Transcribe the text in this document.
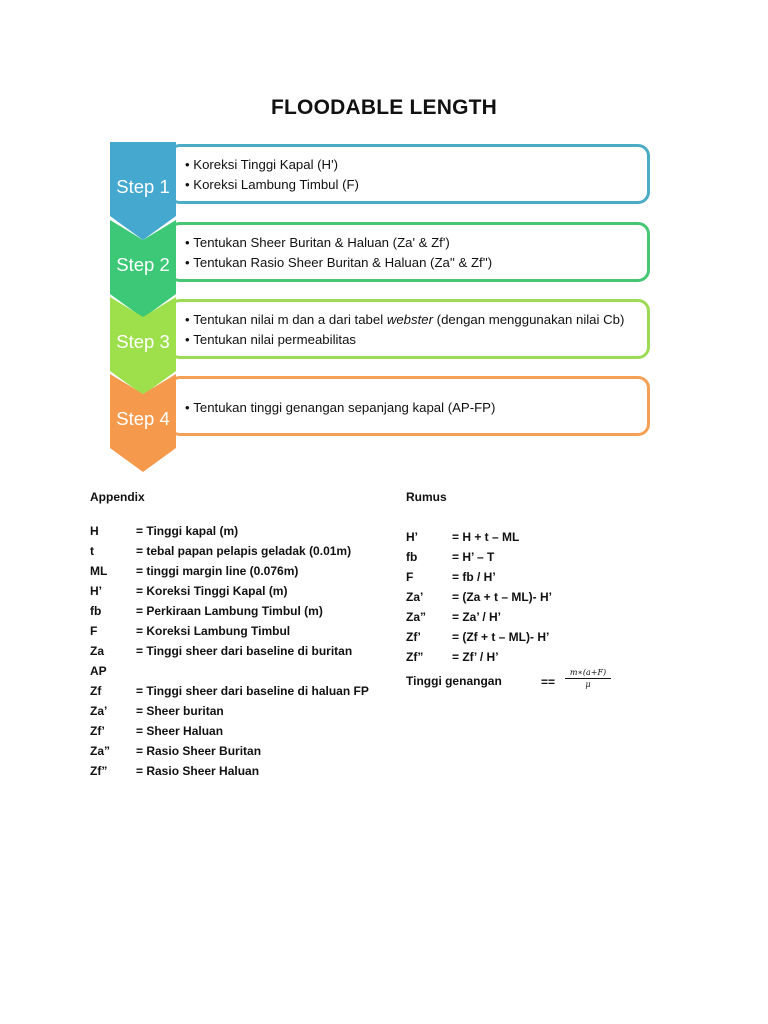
FLOODABLE LENGTH
• Koreksi Tinggi Kapal (H')
• Koreksi Lambung Timbul (F)
Step 1
• Tentukan Sheer Buritan & Haluan (Za' & Zf')
• Tentukan Rasio Sheer Buritan & Haluan (Za'' & Zf'')
Step 2
• Tentukan nilai m dan a dari tabel webster (dengan menggunakan nilai Cb)
• Tentukan nilai permeabilitas
Step 3
• Tentukan tinggi genangan sepanjang kapal (AP-FP)
Step 4
Appendix
H	= Tinggi kapal (m)
t	= tebal papan pelapis geladak (0.01m)
ML = tinggi margin line (0.076m)
H’	= Koreksi Tinggi Kapal (m)
fb	= Perkiraan Lambung Timbul (m)
F	= Koreksi Lambung Timbul
Za	= Tinggi sheer dari baseline di buritan
AP
Zf	= Tinggi sheer dari baseline di haluan FP
Za’ = Sheer buritan
Zf’	= Sheer Haluan
Za” = Rasio Sheer Buritan
Zf” = Rasio Sheer Haluan
Rumus
H’	= H + t – ML
fb	= H’ – T
F	= fb / H’
Za’ = (Za + t – ML)- H’
Za” = Za’ / H’
Zf’	= (Zf + t – ML)- H’
Zf” = Zf’ / H’
Tinggi genangan	== $\frac{m∗(a+F)}{\mu}$
